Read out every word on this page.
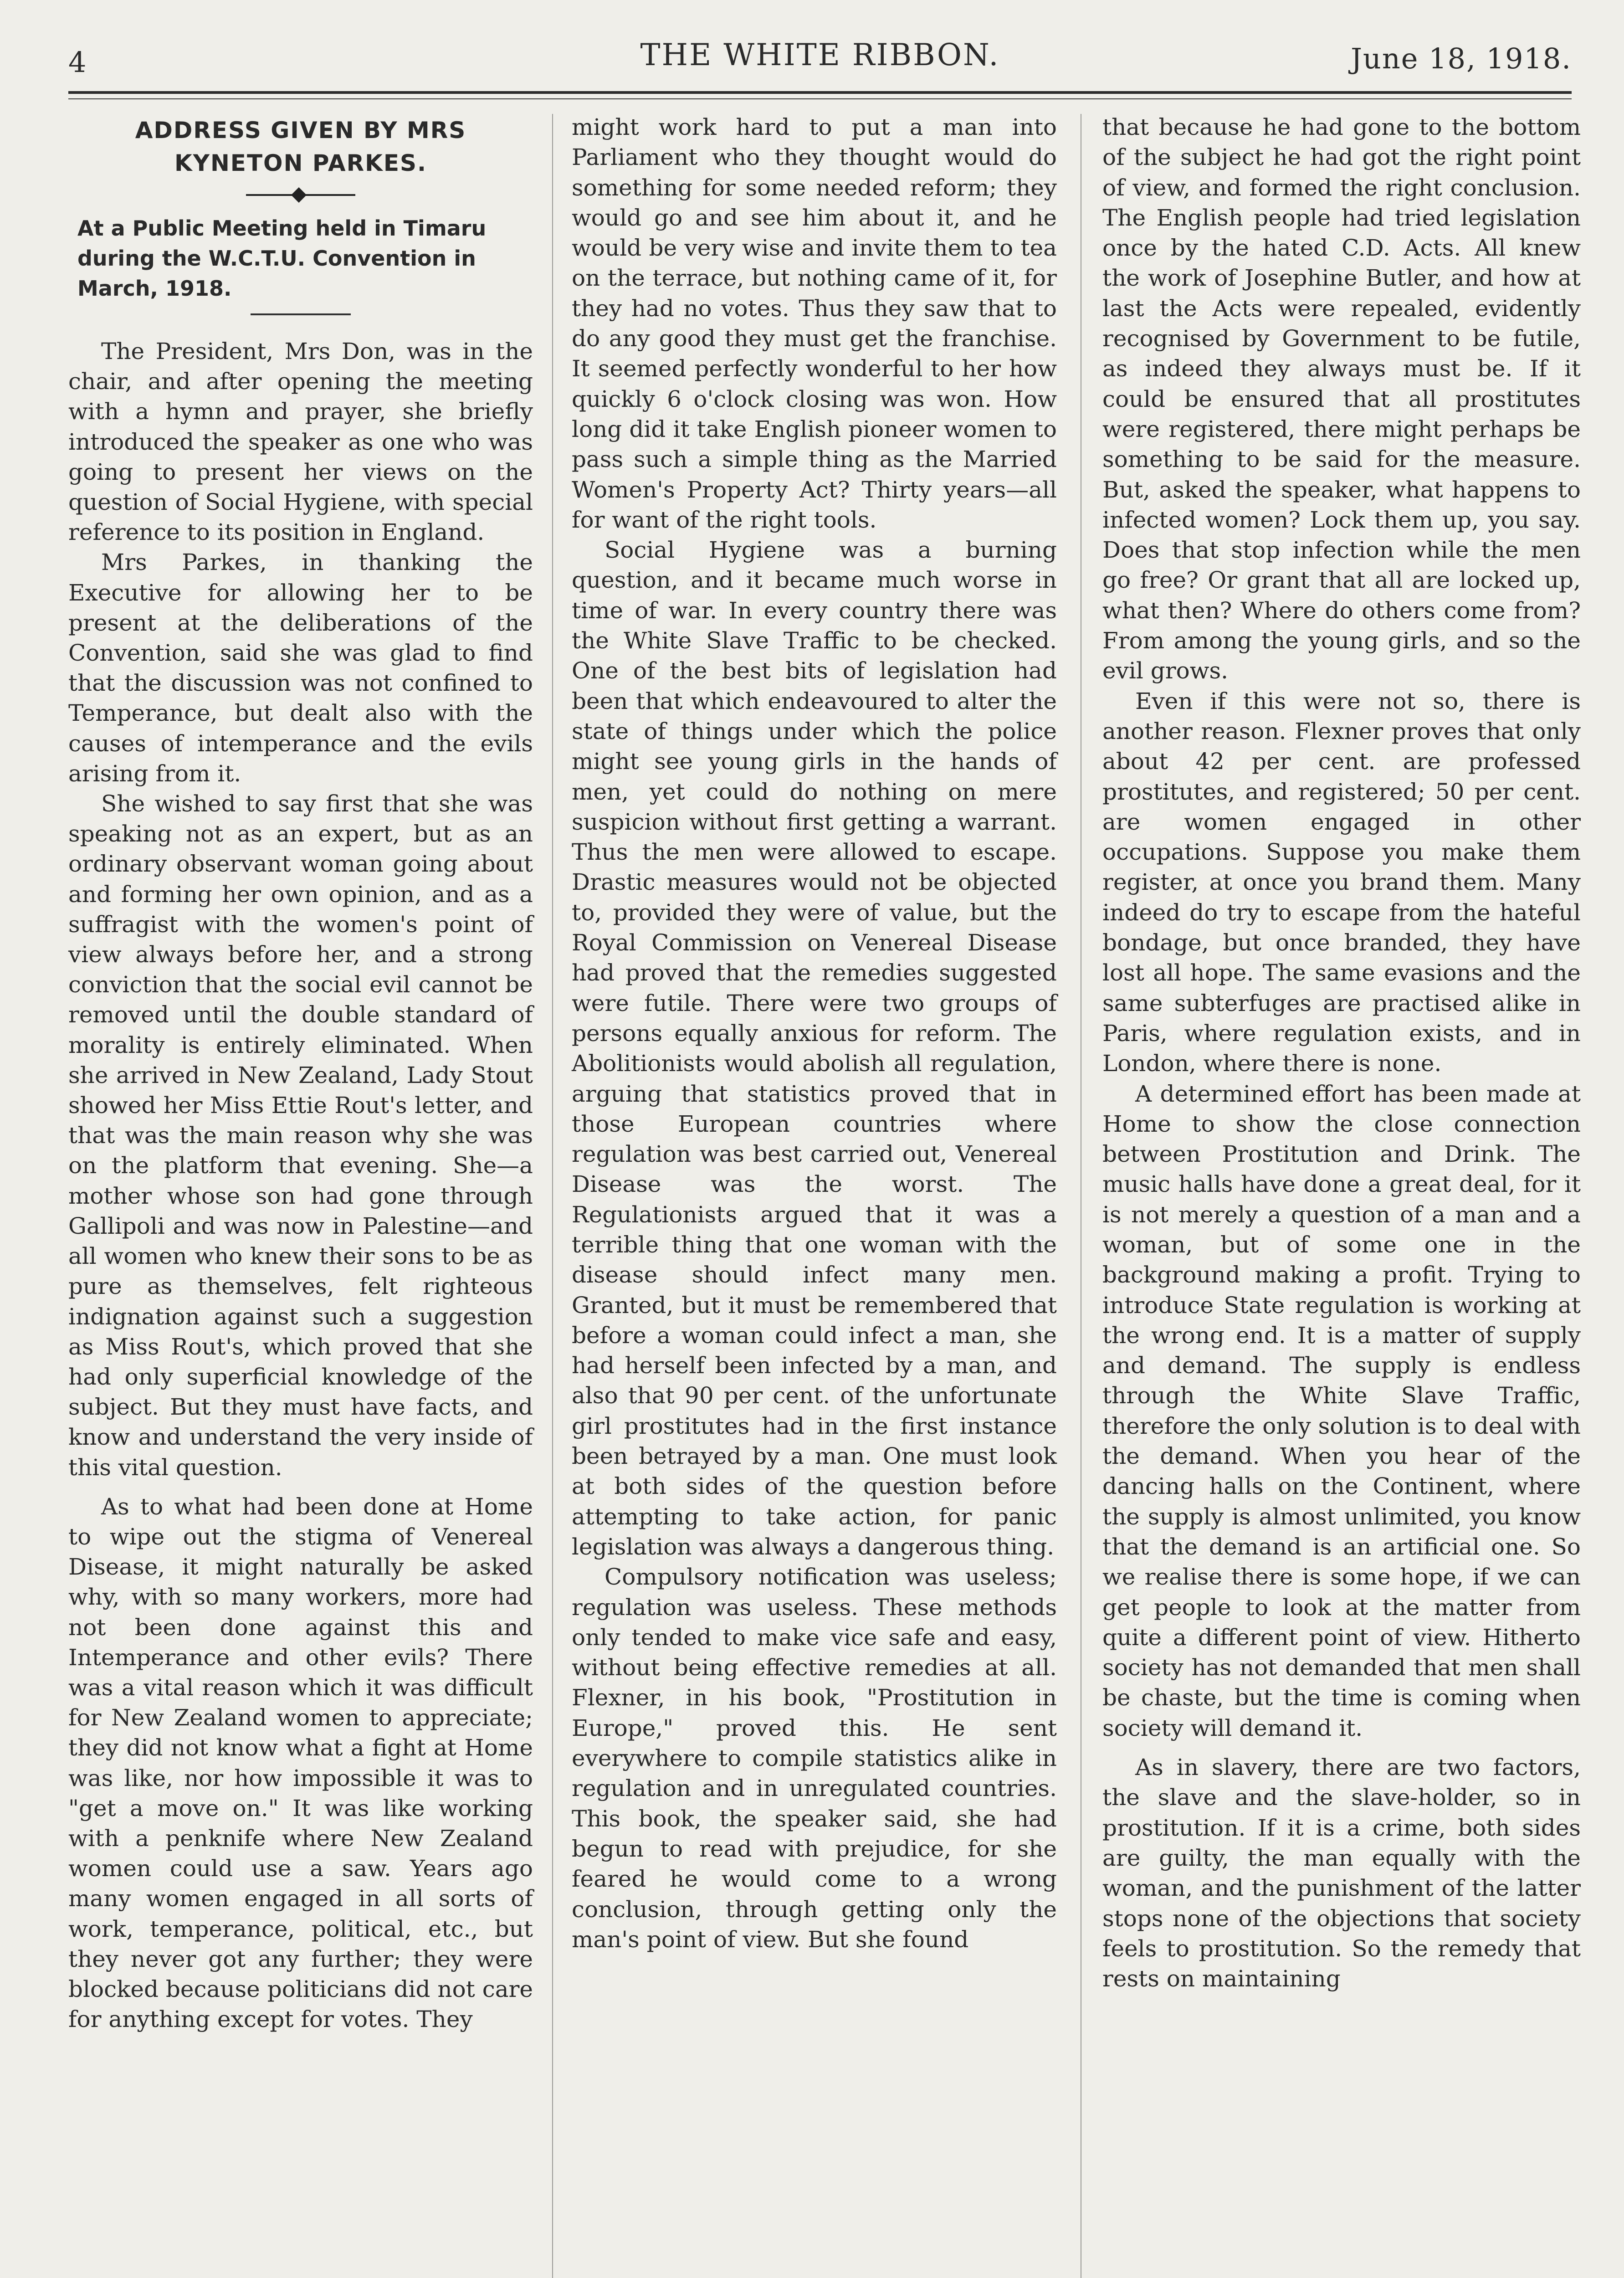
4	THE WHITE RIBBON.	June 18, 1918.

ADDRESS GIVEN BY MRS

KYNETON PARKES.

At a Public Meeting held in Timaru

during the W.C.T.U. Convention in

March, 1918.

The President, Mrs Don, was in the chair, and after opening the meeting with a hymn and prayer, she briefly introduced the speaker as one who was going to present her views on the question of Social Hygiene, with special reference to its position in England.

Mrs Parkes, in thanking the Executive for allowing her to be present at the deliberations of the Convention, said she was glad to find that the discussion was not confined to Temperance, but dealt also with the causes of intemperance and the evils arising from it.

She wished to say first that she was speaking not as an expert, but as an ordinary observant woman going about and forming her own opinion, and as a suffragist with the women's point of view always before her, and a strong conviction that the social evil cannot be removed until the double standard of morality is entirely eliminated. When she arrived in New Zealand, Lady Stout showed her Miss Ettie Rout's letter, and that was the main reason why she was on the platform that evening. She—a mother whose son had gone through Gallipoli and was now in Palestine—and all women who knew their sons to be as pure as themselves, felt righteous indignation against such a suggestion as Miss Rout's, which proved that she had only superficial knowledge of the subject. But they must have facts, and know and understand the very inside of this vital question.

As to what had been done at Home to wipe out the stigma of Venereal Disease, it might naturally be asked why, with so many workers, more had not been done against this and Intemperance and other evils? There was a vital reason which it was difficult for New Zealand women to appreciate; they did not know what a fight at Home was like, nor how impossible it was to "get a move on." It was like working with a penknife where New Zealand women could use a saw. Years ago many women engaged in all sorts of work, temperance, political, etc., but they never got any further; they were blocked because politicians did not care for anything except for votes. They

might work hard to put a man into Parliament who they thought would do something for some needed reform; they would go and see him about it, and he would be very wise and invite them to tea on the terrace, but nothing came of it, for they had no votes. Thus they saw that to do any good they must get the franchise. It seemed perfectly wonderful to her how quickly 6 o'clock closing was won. How long did it take English pioneer women to pass such a simple thing as the Married Women's Property Act? Thirty years—all for want of the right tools.

Social Hygiene was a burning question, and it became much worse in time of war. In every country there was the White Slave Traffic to be checked. One of the best bits of legislation had been that which endeavoured to alter the state of things under which the police might see young girls in the hands of men, yet could do nothing on mere suspicion without first getting a warrant. Thus the men were allowed to escape. Drastic measures would not be objected to, provided they were of value, but the Royal Commission on Venereal Disease had proved that the remedies suggested were futile. There were two groups of persons equally anxious for reform. The Abolitionists would abolish all regulation, arguing that statistics proved that in those European countries where regulation was best carried out, Venereal Disease was the worst. The Regulationists argued that it was a terrible thing that one woman with the disease should infect many men. Granted, but it must be remembered that before a woman could infect a man, she had herself been infected by a man, and also that 90 per cent. of the unfortunate girl prostitutes had in the first instance been betrayed by a man. One must look at both sides of the question before attempting to take action, for panic legislation was always a dangerous thing.

Compulsory notification was useless; regulation was useless. These methods only tended to make vice safe and easy, without being effective remedies at all. Flexner, in his book, "Prostitution in Europe," proved this. He sent everywhere to compile statistics alike in regulation and in unregulated countries. This book, the speaker said, she had begun to read with prejudice, for she feared he would come to a wrong conclusion, through getting only the man's point of view. But she found

that because he had gone to the bottom of the subject he had got the right point of view, and formed the right conclusion. The English people had tried legislation once by the hated C.D. Acts. All knew the work of Josephine Butler, and how at last the Acts were repealed, evidently recognised by Government to be futile, as indeed they always must be. If it could be ensured that all prostitutes were registered, there might perhaps be something to be said for the measure. But, asked the speaker, what happens to infected women? Lock them up, you say. Does that stop infection while the men go free? Or grant that all are locked up, what then? Where do others come from? From among the young girls, and so the evil grows.

Even if this were not so, there is another reason. Flexner proves that only about 42 per cent. are professed prostitutes, and registered; 50 per cent. are women engaged in other occupations. Suppose you make them register, at once you brand them. Many indeed do try to escape from the hateful bondage, but once branded, they have lost all hope. The same evasions and the same subterfuges are practised alike in Paris, where regulation exists, and in London, where there is none.

A determined effort has been made at Home to show the close connection between Prostitution and Drink. The music halls have done a great deal, for it is not merely a question of a man and a woman, but of some one in the background making a profit. Trying to introduce State regulation is working at the wrong end. It is a matter of supply and demand. The supply is endless through the White Slave Traffic, therefore the only solution is to deal with the demand. When you hear of the dancing halls on the Continent, where the supply is almost unlimited, you know that the demand is an artificial one. So we realise there is some hope, if we can get people to look at the matter from quite a different point of view. Hitherto society has not demanded that men shall be chaste, but the time is coming when society will demand it.

As in slavery, there are two factors, the slave and the slave-holder, so in prostitution. If it is a crime, both sides are guilty, the man equally with the woman, and the punishment of the latter stops none of the objections that society feels to prostitution. So the remedy that rests on maintaining
